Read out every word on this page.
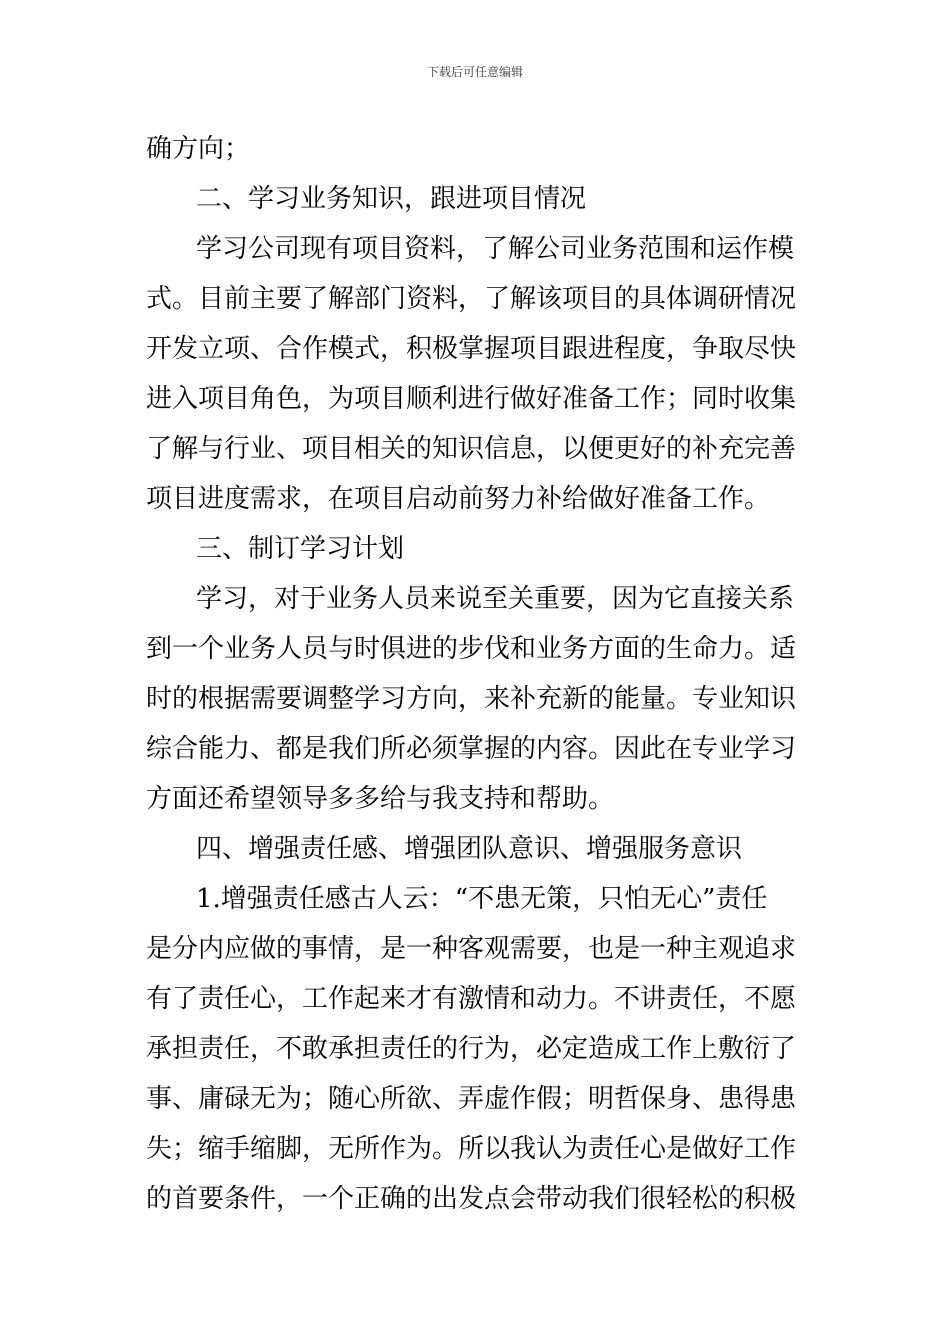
下载后可任意编辑
确方向；
二、学习业务知识，跟进项目情况
学习公司现有项目资料，了解公司业务范围和运作模
式。目前主要了解部门资料，了解该项目的具体调研情况
开发立项、合作模式，积极掌握项目跟进程度，争取尽快
进入项目角色，为项目顺利进行做好准备工作；同时收集
了解与行业、项目相关的知识信息，以便更好的补充完善
项目进度需求，在项目启动前努力补给做好准备工作。
三、制订学习计划
学习，对于业务人员来说至关重要，因为它直接关系
到一个业务人员与时俱进的步伐和业务方面的生命力。适
时的根据需要调整学习方向，来补充新的能量。专业知识
综合能力、都是我们所必须掌握的内容。因此在专业学习
方面还希望领导多多给与我支持和帮助。
四、增强责任感、增强团队意识、增强服务意识
1.增强责任感古人云：“不患无策，只怕无心”责任
是分内应做的事情，是一种客观需要，也是一种主观追求
有了责任心，工作起来才有激情和动力。不讲责任，不愿
承担责任，不敢承担责任的行为，必定造成工作上敷衍了
事、庸碌无为；随心所欲、弄虚作假；明哲保身、患得患
失；缩手缩脚，无所作为。所以我认为责任心是做好工作
的首要条件，一个正确的出发点会带动我们很轻松的积极
